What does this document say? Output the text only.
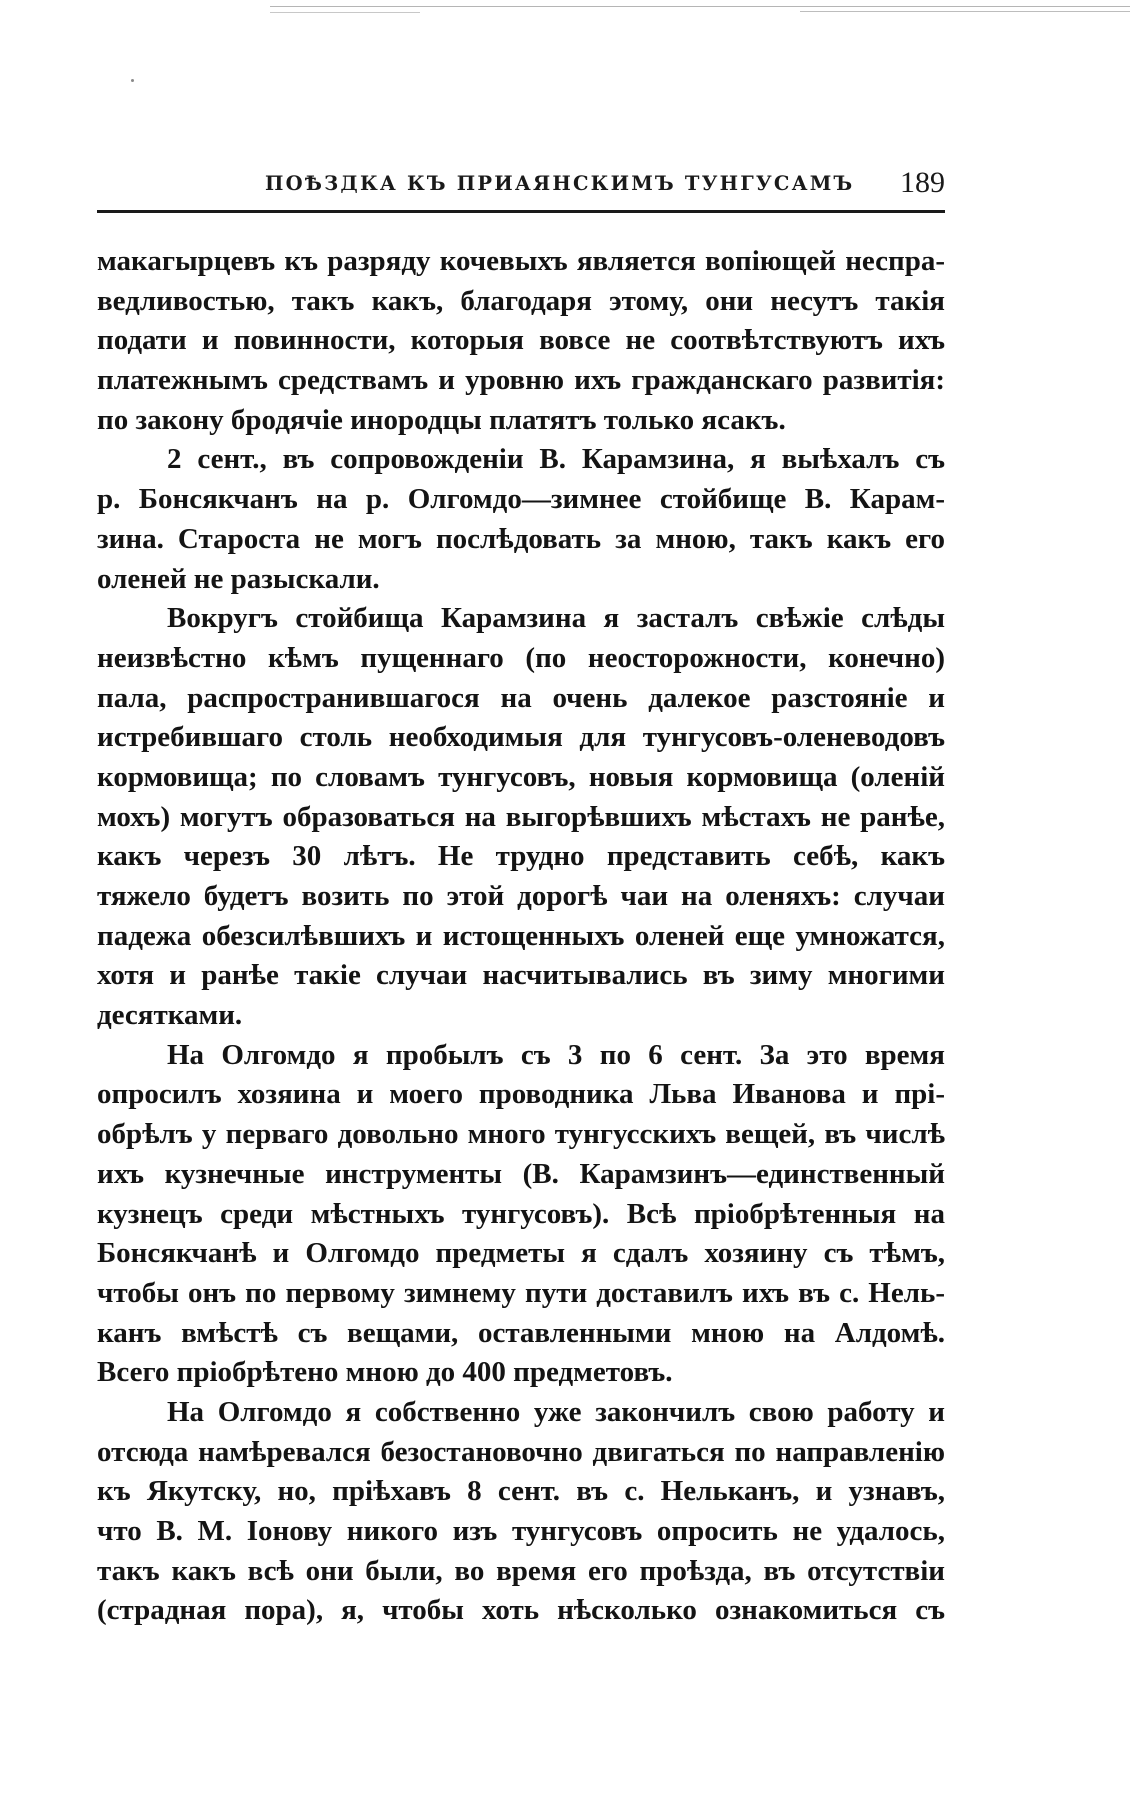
ПОѢЗДКА КЪ ПРИАЯНСКИМЪ ТУНГУСАМЪ 189
макагырцевъ къ разряду кочевыхъ является вопіющей неспра-
ведливостью, такъ какъ, благодаря этому, они несутъ такія
подати и повинности, которыя вовсе не соотвѣтствуютъ ихъ
платежнымъ средствамъ и уровню ихъ гражданскаго развитія:
по закону бродячіе инородцы платятъ только ясакъ.
2 сент., въ сопровожденіи В. Карамзина, я выѣхалъ съ
р. Бонсякчанъ на р. Олгомдо—зимнее стойбище В. Карам-
зина. Староста не могъ послѣдовать за мною, такъ какъ его
оленей не разыскали.
Вокругъ стойбища Карамзина я засталъ свѣжіе слѣды
неизвѣстно кѣмъ пущеннаго (по неосторожности, конечно)
пала, распространившагося на очень далекое разстояніе и
истребившаго столь необходимыя для тунгусовъ-оленеводовъ
кормовища; по словамъ тунгусовъ, новыя кормовища (оленій
мохъ) могутъ образоваться на выгорѣвшихъ мѣстахъ не ранѣе,
какъ черезъ 30 лѣтъ. Не трудно представить себѣ, какъ
тяжело будетъ возить по этой дорогѣ чаи на оленяхъ: случаи
падежа обезсилѣвшихъ и истощенныхъ оленей еще умножатся,
хотя и ранѣе такіе случаи насчитывались въ зиму многими
десятками.
На Олгомдо я пробылъ съ 3 по 6 сент. За это время
опросилъ хозяина и моего проводника Льва Иванова и прі-
обрѣлъ у перваго довольно много тунгусскихъ вещей, въ числѣ
ихъ кузнечные инструменты (В. Карамзинъ—единственный
кузнецъ среди мѣстныхъ тунгусовъ). Всѣ пріобрѣтенныя на
Бонсякчанѣ и Олгомдо предметы я сдалъ хозяину съ тѣмъ,
чтобы онъ по первому зимнему пути доставилъ ихъ въ с. Нель-
канъ вмѣстѣ съ вещами, оставленными мною на Алдомѣ.
Всего пріобрѣтено мною до 400 предметовъ.
На Олгомдо я собственно уже закончилъ свою работу и
отсюда намѣревался безостановочно двигаться по направленію
къ Якутску, но, пріѣхавъ 8 сент. въ с. Нельканъ, и узнавъ,
что В. М. Іонову никого изъ тунгусовъ опросить не удалось,
такъ какъ всѣ они были, во время его проѣзда, въ отсутствіи
(страдная пора), я, чтобы хоть нѣсколько ознакомиться съ
